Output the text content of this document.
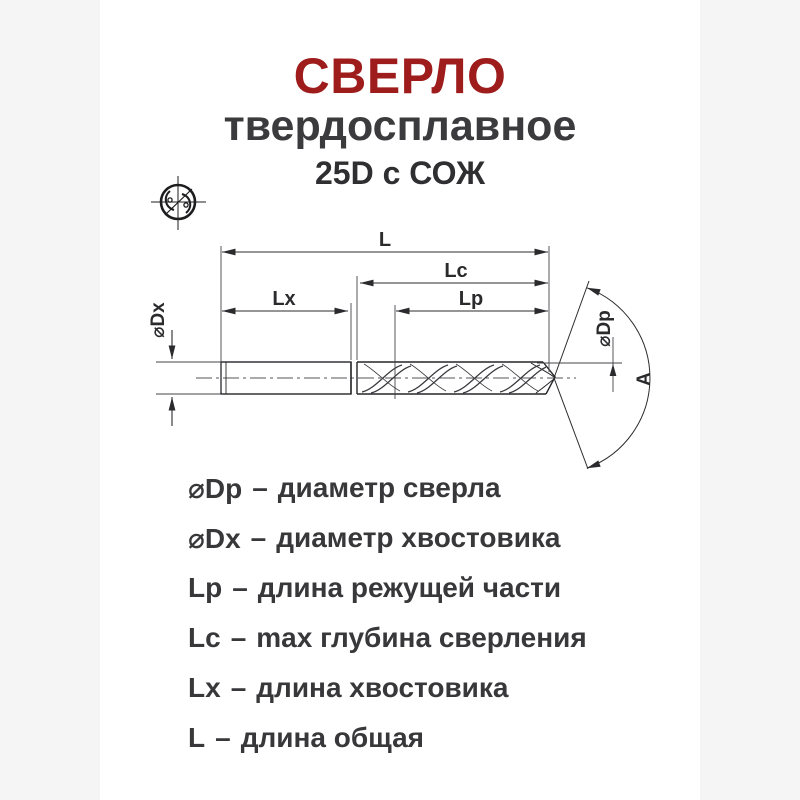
СВЕРЛО
твердосплавное
25D с СОЖ
L
Lc
Lx	Lp
⌀Dx	⌀Dp
A
⌀Dp – диаметр сверла
⌀Dx – диаметр хвостовика
Lp – длина режущей части
Lc – max глубина сверления
Lx – длина хвостовика
L – длина общая
